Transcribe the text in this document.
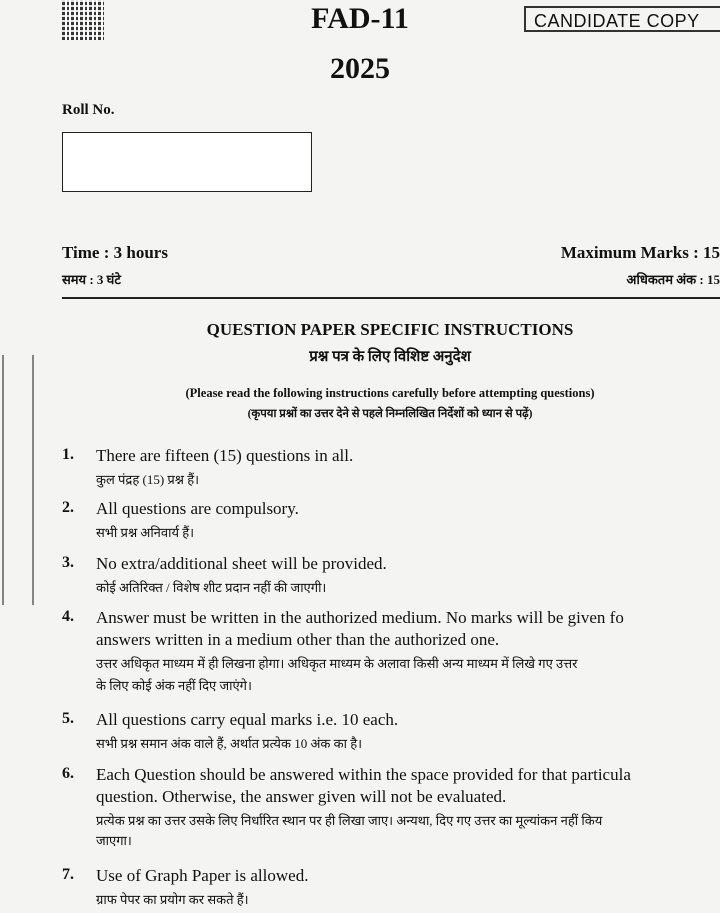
FAD-11
2025
CANDIDATE COPY
Roll No.
Time : 3 hours
समय : 3 घंटे
Maximum Marks : 15
अधिकतम अंक : 15
QUESTION PAPER SPECIFIC INSTRUCTIONS
प्रश्न पत्र के लिए विशिष्ट अनुदेश
(Please read the following instructions carefully before attempting questions)
(कृपया प्रश्नों का उत्तर देने से पहले निम्नलिखित निर्देशों को ध्यान से पढ़ें)
1. There are fifteen (15) questions in all.
कुल पंद्रह (15) प्रश्न हैं।
2. All questions are compulsory.
सभी प्रश्न अनिवार्य हैं।
3. No extra/additional sheet will be provided.
कोई अतिरिक्त / विशेष शीट प्रदान नहीं की जाएगी।
4. Answer must be written in the authorized medium. No marks will be given fo
answers written in a medium other than the authorized one.
उत्तर अधिकृत माध्यम में ही लिखना होगा। अधिकृत माध्यम के अलावा किसी अन्य माध्यम में लिखे गए उत्तर
के लिए कोई अंक नहीं दिए जाएंगे।
5. All questions carry equal marks i.e. 10 each.
सभी प्रश्न समान अंक वाले हैं, अर्थात प्रत्येक 10 अंक का है।
6. Each Question should be answered within the space provided for that particula
question. Otherwise, the answer given will not be evaluated.
प्रत्येक प्रश्न का उत्तर उसके लिए निर्धारित स्थान पर ही लिखा जाए। अन्यथा, दिए गए उत्तर का मूल्यांकन नहीं किय
जाएगा।
7. Use of Graph Paper is allowed.
ग्राफ पेपर का प्रयोग कर सकते हैं।
